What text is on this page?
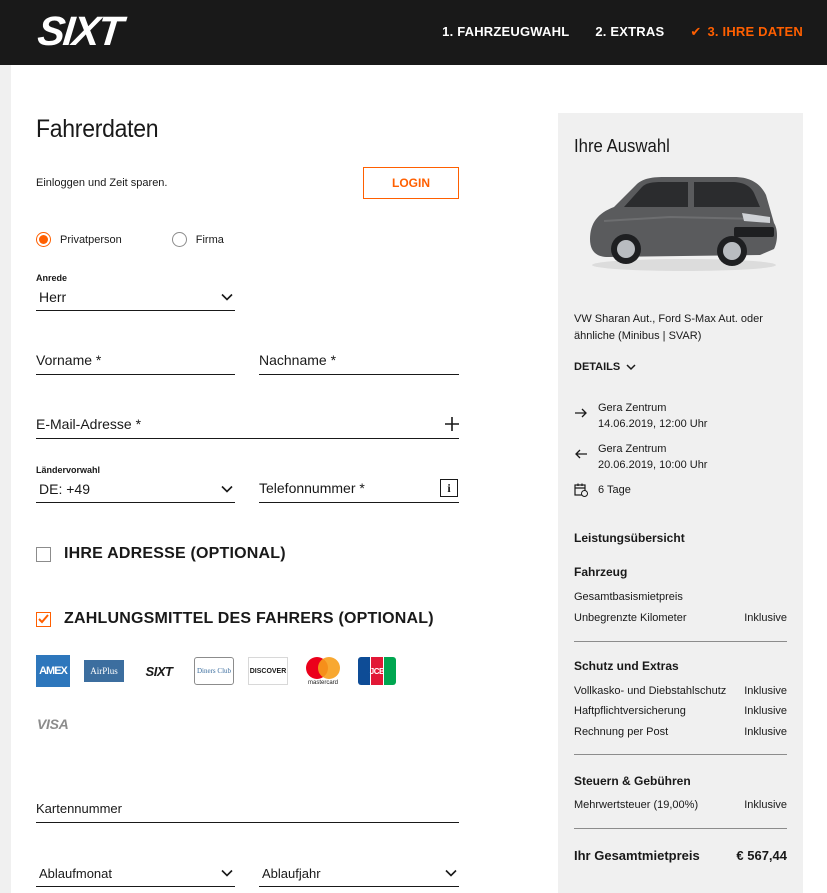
SIXT	1. FAHRZEUGWAHL 2. EXTRAS ✔ 3. IHRE DATEN
Fahrerdaten
Einloggen und Zeit sparen.	LOGIN
Privatperson	Firma
Anrede
Herr
Vorname *	Nachname *
E-Mail-Adresse *
Ländervorwahl
DE: +49	Telefonnummer *	i
IHRE ADRESSE (OPTIONAL)
ZAHLUNGSMITTEL DES FAHRERS (OPTIONAL)
AMEX	AirPlus SIXT	Diners Club	DISCOVER
mastercard
JCB
VISA
Kartennummer
Ablaufmonat	Ablaufjahr
Ihre Auswahl
VW Sharan Aut., Ford S-Max Aut. oder ähnliche (Minibus | SVAR)
DETAILS
Gera Zentrum
14.06.2019, 12:00 Uhr
Gera Zentrum
20.06.2019, 10:00 Uhr
6 Tage
Leistungsübersicht
Fahrzeug
Gesamtbasismietpreis
Unbegrenzte Kilometer	Inklusive
Schutz und Extras
Vollkasko- und Diebstahlschutz Inklusive
Haftpflichtversicherung	Inklusive
Rechnung per Post	Inklusive
Steuern & Gebühren
Mehrwertsteuer (19,00%)	Inklusive
Ihr Gesamtmietpreis	€ 567,44
